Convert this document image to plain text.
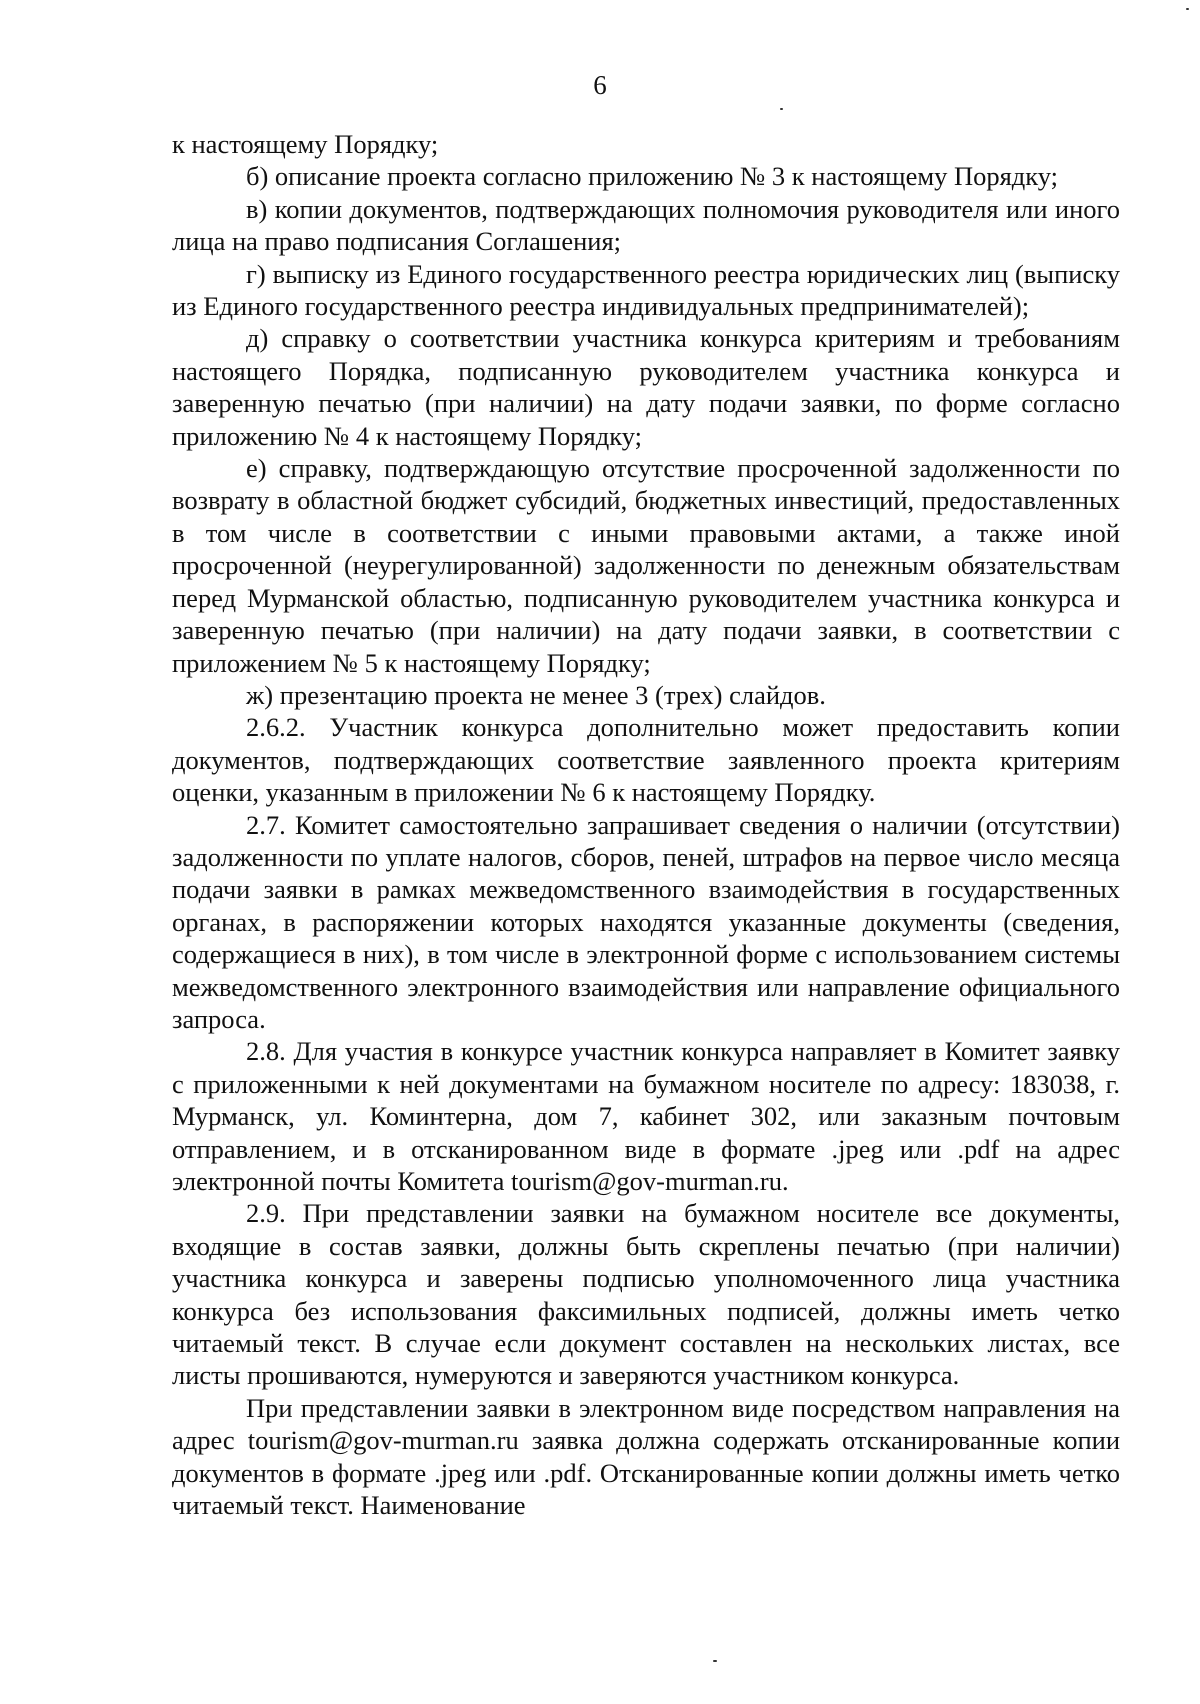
6

к настоящему Порядку;

б) описание проекта согласно приложению № 3 к настоящему Порядку;

в) копии документов, подтверждающих полномочия руководителя или иного лица на право подписания Соглашения;

г) выписку из Единого государственного реестра юридических лиц (выписку из Единого государственного реестра индивидуальных предпринимателей);

д) справку о соответствии участника конкурса критериям и требованиям настоящего Порядка, подписанную руководителем участника конкурса и заверенную печатью (при наличии) на дату подачи заявки, по форме согласно приложению № 4 к настоящему Порядку;

е) справку, подтверждающую отсутствие просроченной задолженности по возврату в областной бюджет субсидий, бюджетных инвестиций, предоставленных в том числе в соответствии с иными правовыми актами, а также иной просроченной (неурегулированной) задолженности по денежным обязательствам перед Мурманской областью, подписанную руководителем участника конкурса и заверенную печатью (при наличии) на дату подачи заявки, в соответствии с приложением № 5 к настоящему Порядку;

ж) презентацию проекта не менее 3 (трех) слайдов.

2.6.2. Участник конкурса дополнительно может предоставить копии документов, подтверждающих соответствие заявленного проекта критериям оценки, указанным в приложении № 6 к настоящему Порядку.

2.7. Комитет самостоятельно запрашивает сведения о наличии (отсутствии) задолженности по уплате налогов, сборов, пеней, штрафов на первое число месяца подачи заявки в рамках межведомственного взаимодействия в государственных органах, в распоряжении которых находятся указанные документы (сведения, содержащиеся в них), в том числе в электронной форме с использованием системы межведомственного электронного взаимодействия или направление официального запроса.

2.8. Для участия в конкурсе участник конкурса направляет в Комитет заявку с приложенными к ней документами на бумажном носителе по адресу: 183038, г. Мурманск, ул. Коминтерна, дом 7, кабинет 302, или заказным почтовым отправлением, и в отсканированном виде в формате .jpeg или .pdf на адрес электронной почты Комитета tourism@gov-murman.ru.

2.9. При представлении заявки на бумажном носителе все документы, входящие в состав заявки, должны быть скреплены печатью (при наличии) участника конкурса и заверены подписью уполномоченного лица участника конкурса без использования факсимильных подписей, должны иметь четко читаемый текст. В случае если документ составлен на нескольких листах, все листы прошиваются, нумеруются и заверяются участником конкурса.

При представлении заявки в электронном виде посредством направления на адрес tourism@gov-murman.ru заявка должна содержать отсканированные копии документов в формате .jpeg или .pdf. Отсканированные копии должны иметь четко читаемый текст. Наименование
